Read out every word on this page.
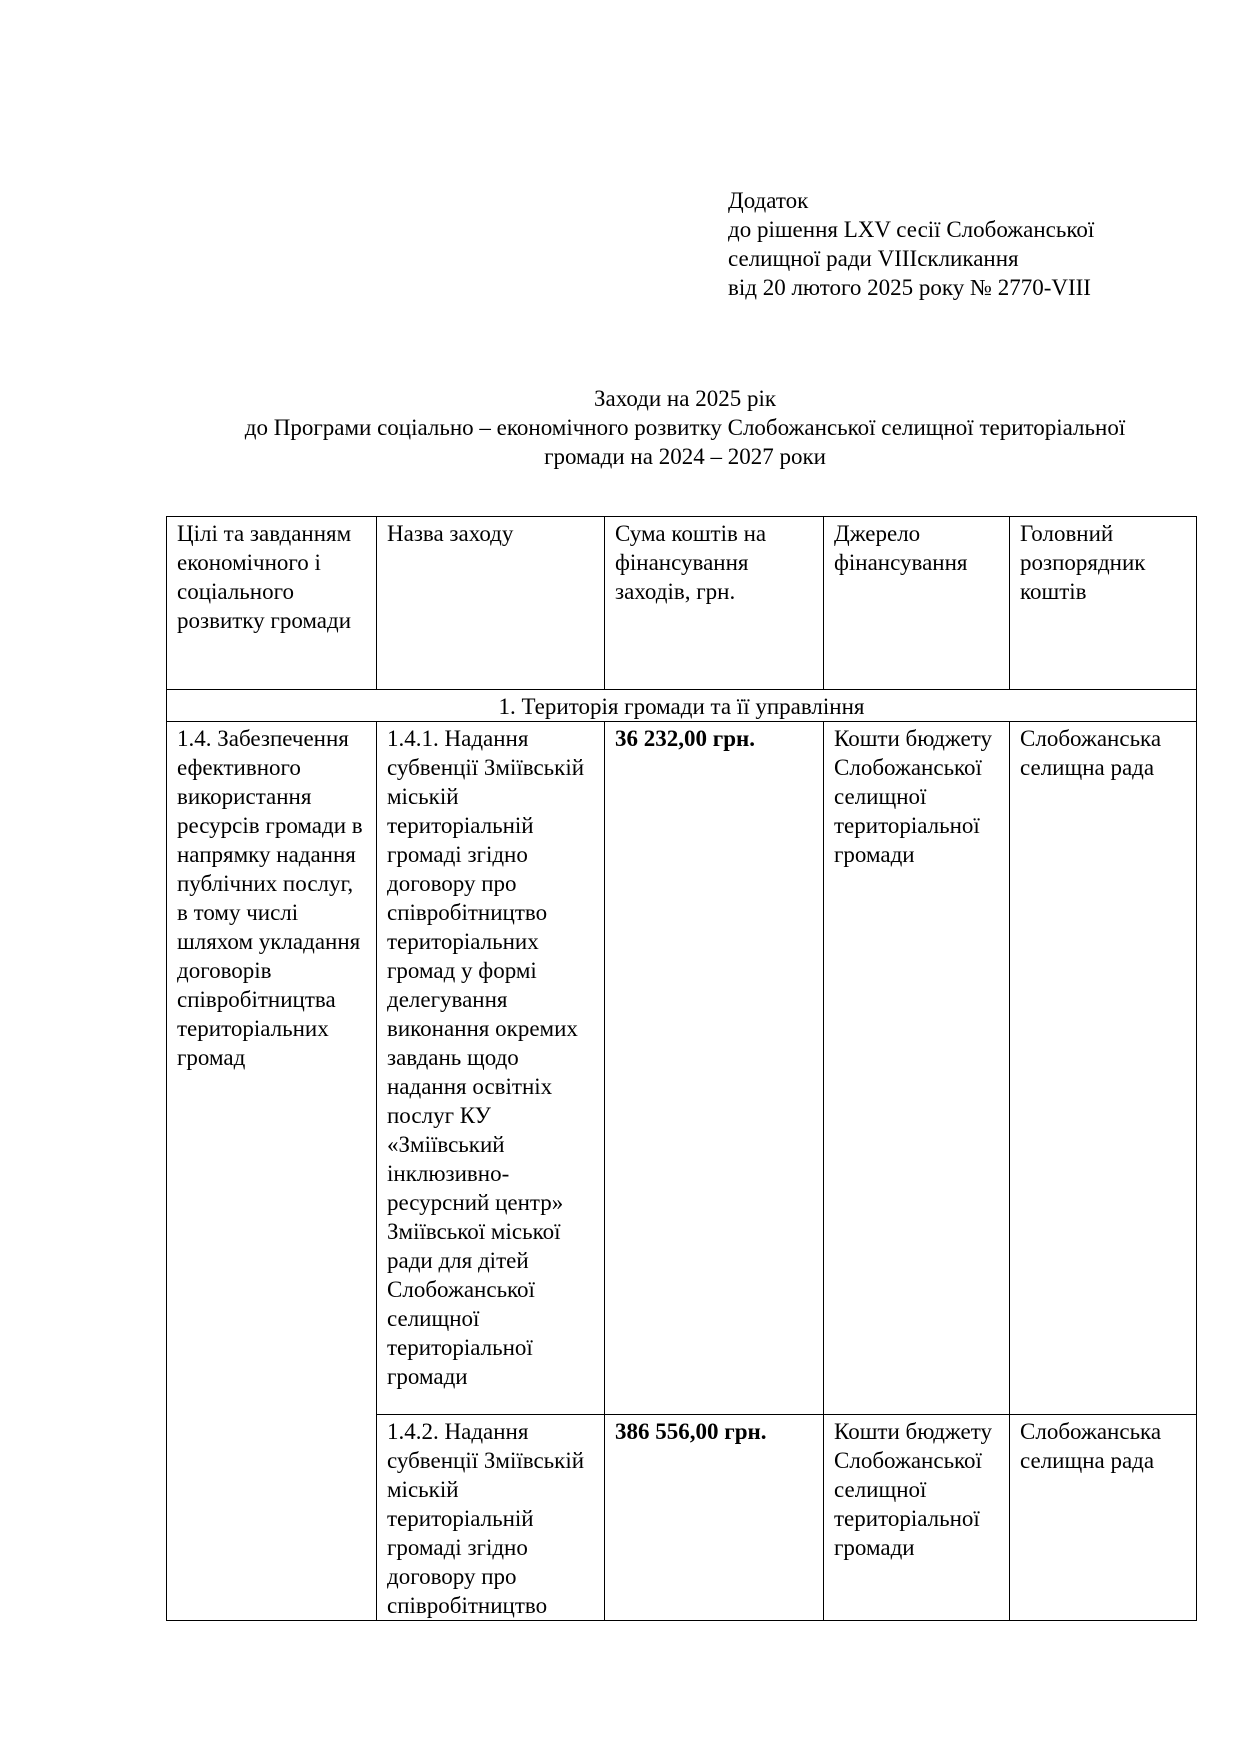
Додаток
до рішення LXV сесії Слобожанської
селищної ради VIIIскликання
від 20 лютого 2025 року № 2770-VIII
Заходи на 2025 рік
до Програми соціально – економічного розвитку Слобожанської селищної територіальної
громади на 2024 – 2027 роки
Цілі та завданням економічного і соціального розвитку громади	Назва заходу	Сума коштів на фінансування заходів, грн.	Джерело фінансування	Головний розпорядник коштів
1. Територія громади та її управління				
1.4. Забезпечення ефективного використання ресурсів громади в напрямку надання публічних послуг, в тому числі шляхом укладання договорів співробітництва територіальних громад	1.4.1. Надання субвенції Зміївській міській територіальній громаді згідно договору про співробітництво територіальних громад у формі делегування виконання окремих завдань щодо надання освітніх послуг КУ «Зміївський інклюзивно-ресурсний центр» Зміївської міської ради для дітей Слобожанської селищної територіальної громади	36 232,00 грн.	Кошти бюджету Слобожанської селищної територіальної громади	Слобожанська селищна рада
	1.4.2. Надання субвенції Зміївській міській територіальній громаді згідно договору про співробітництво	386 556,00 грн.	Кошти бюджету Слобожанської селищної територіальної громади	Слобожанська селищна рада
